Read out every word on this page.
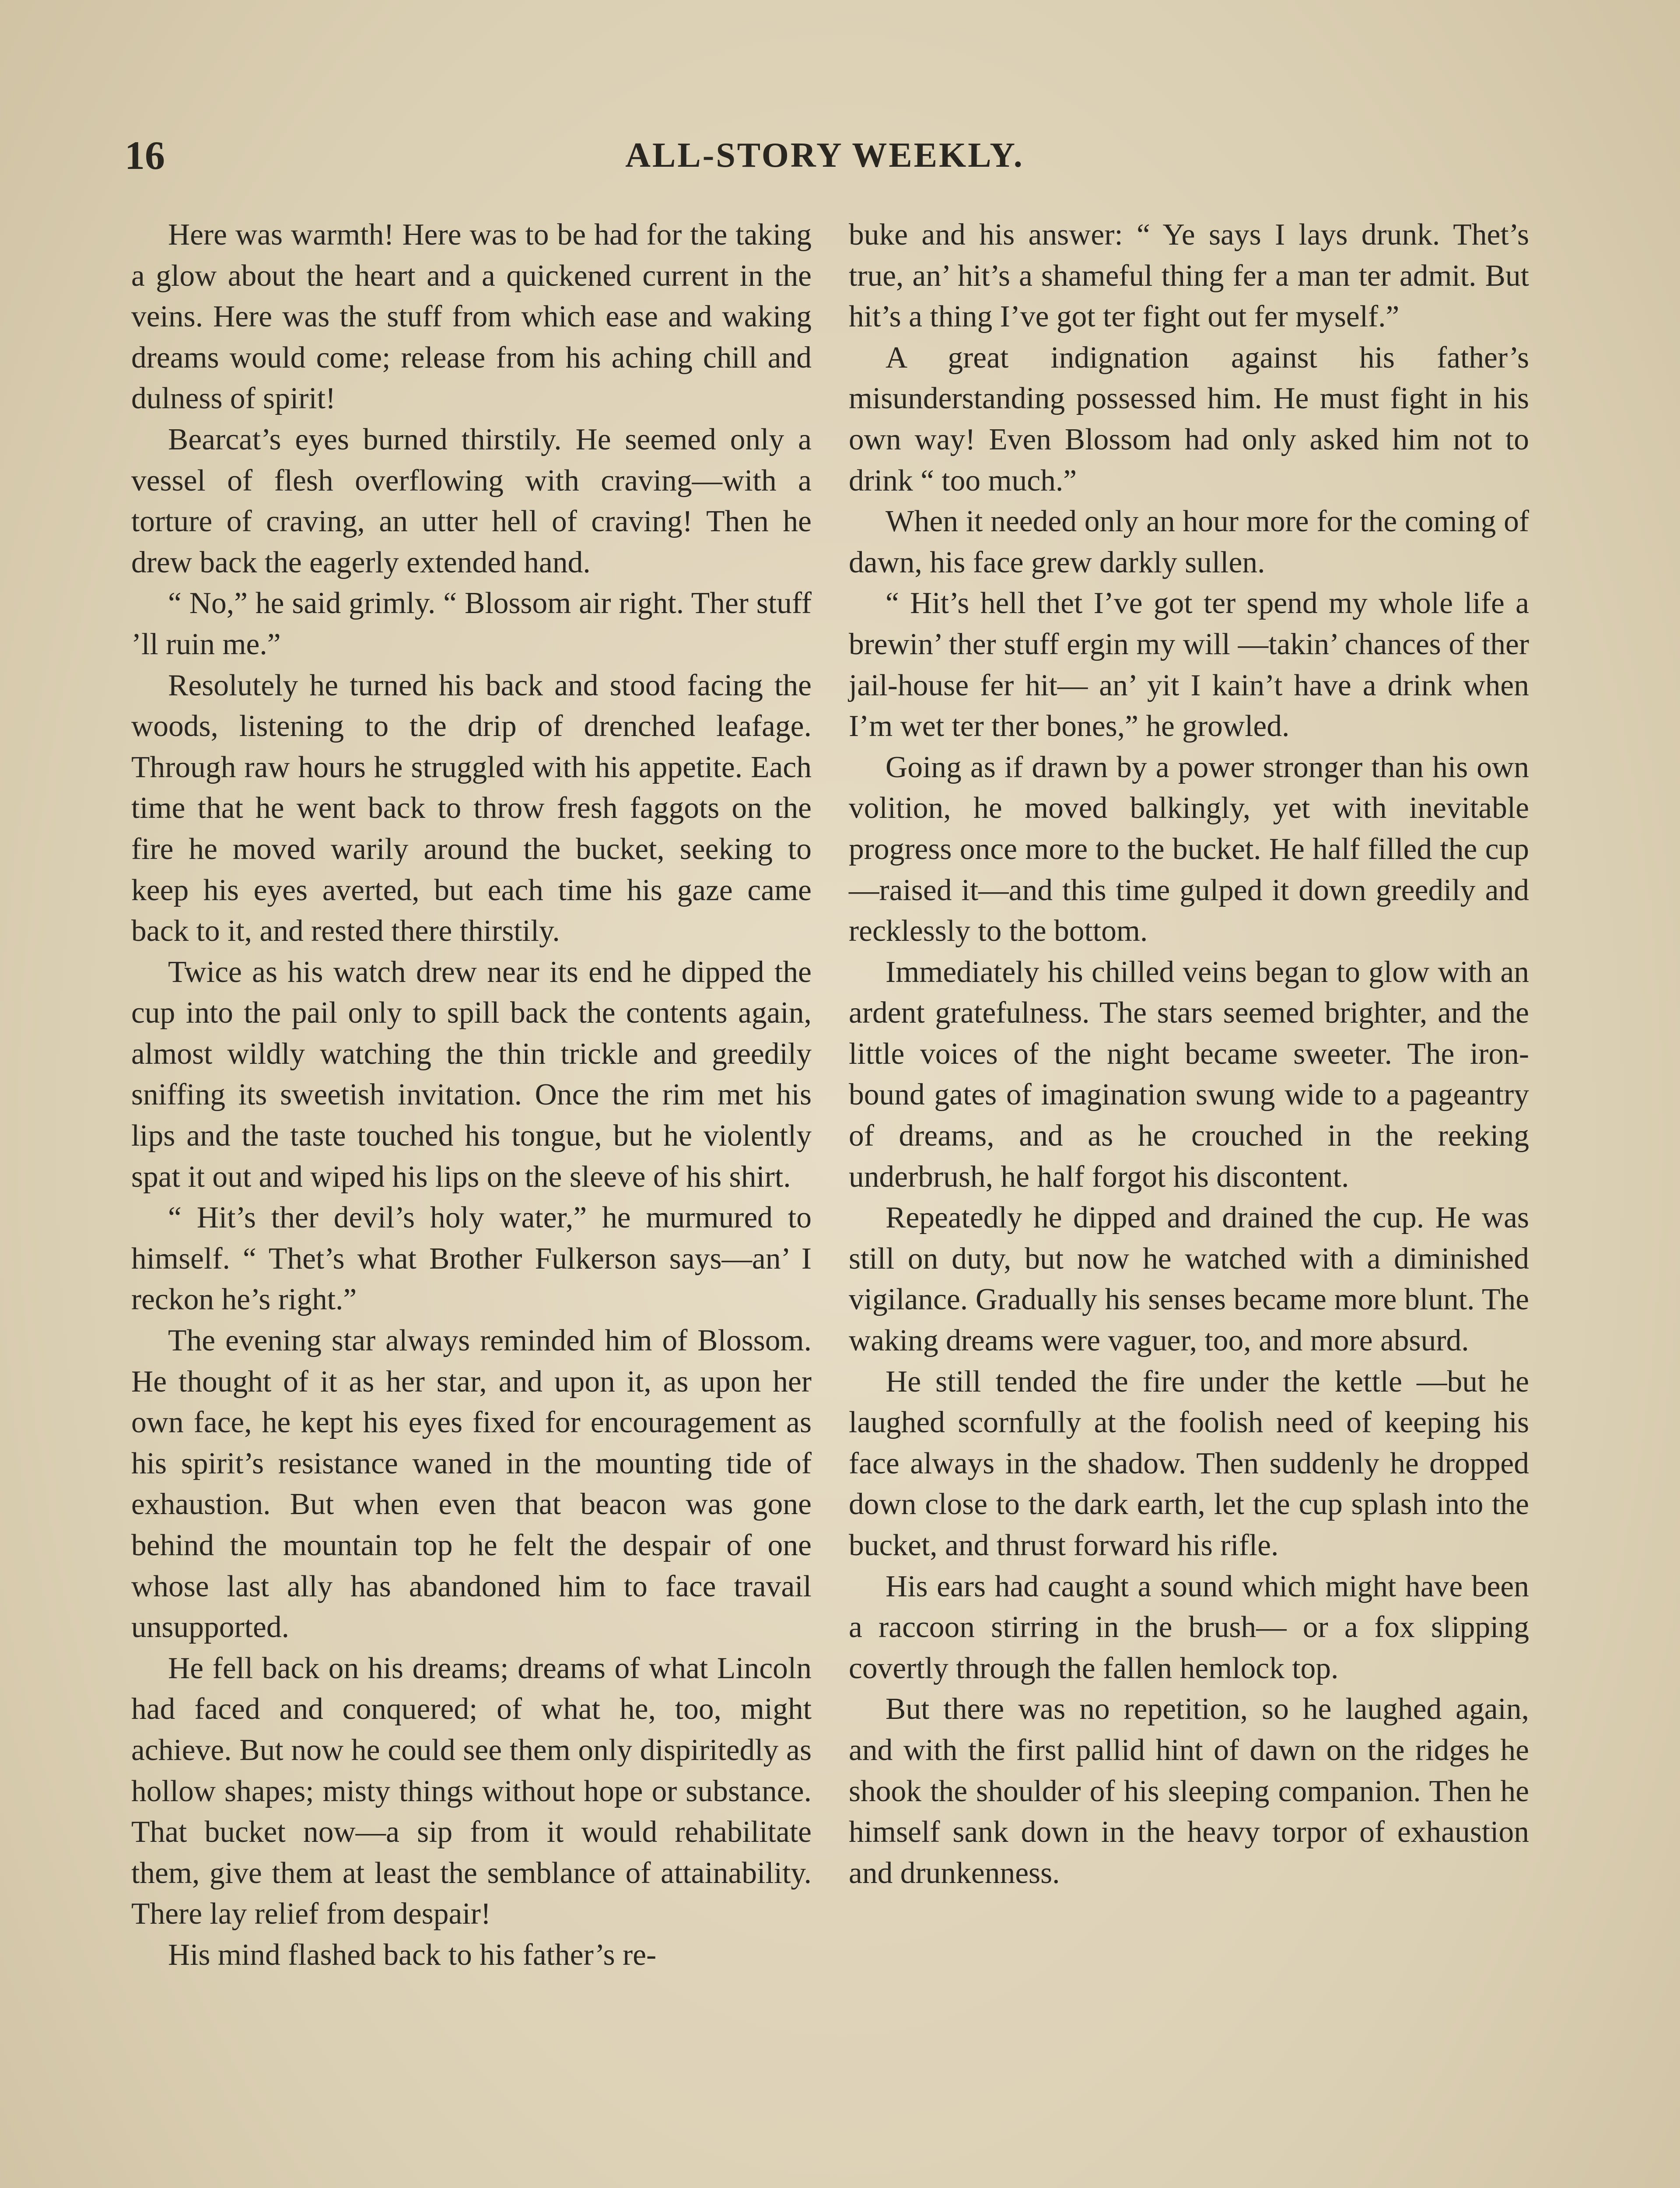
16	ALL-STORY WEEKLY.

Here was warmth! Here was to be had for the taking a glow about the heart and a quickened current in the veins. Here was the stuff from which ease and waking dreams would come; release from his aching chill and dulness of spirit!

Bearcat’s eyes burned thirstily. He seemed only a vessel of flesh overflowing with craving—with a torture of craving, an utter hell of craving! Then he drew back the eagerly extended hand.

“ No,” he said grimly. “ Blossom air right. Ther stuff ’ll ruin me.”

Resolutely he turned his back and stood facing the woods, listening to the drip of drenched leafage. Through raw hours he struggled with his appetite. Each time that he went back to throw fresh faggots on the fire he moved warily around the bucket, seeking to keep his eyes averted, but each time his gaze came back to it, and rested there thirstily.

Twice as his watch drew near its end he dipped the cup into the pail only to spill back the contents again, almost wildly watching the thin trickle and greedily sniffing its sweetish invitation. Once the rim met his lips and the taste touched his tongue, but he violently spat it out and wiped his lips on the sleeve of his shirt.

“ Hit’s ther devil’s holy water,” he murmured to himself. “ Thet’s what Brother Fulkerson says—an’ I reckon he’s right.”

The evening star always reminded him of Blossom. He thought of it as her star, and upon it, as upon her own face, he kept his eyes fixed for encouragement as his spirit’s resistance waned in the mounting tide of exhaustion. But when even that beacon was gone behind the mountain top he felt the despair of one whose last ally has abandoned him to face travail unsupported.

He fell back on his dreams; dreams of what Lincoln had faced and conquered; of what he, too, might achieve. But now he could see them only dispiritedly as hollow shapes; misty things without hope or substance. That bucket now—a sip from it would rehabilitate them, give them at least the semblance of attainability. There lay relief from despair!

His mind flashed back to his father’s re-

buke and his answer: “ Ye says I lays drunk. Thet’s true, an’ hit’s a shameful thing fer a man ter admit. But hit’s a thing I’ve got ter fight out fer myself.”

A great indignation against his father’s misunderstanding possessed him. He must fight in his own way! Even Blossom had only asked him not to drink “ too much.”

When it needed only an hour more for the coming of dawn, his face grew darkly sullen.

“ Hit’s hell thet I’ve got ter spend my whole life a brewin’ ther stuff ergin my will —takin’ chances of ther jail-house fer hit— an’ yit I kain’t have a drink when I’m wet ter ther bones,” he growled.

Going as if drawn by a power stronger than his own volition, he moved balkingly, yet with inevitable progress once more to the bucket. He half filled the cup—raised it—and this time gulped it down greedily and recklessly to the bottom.

Immediately his chilled veins began to glow with an ardent gratefulness. The stars seemed brighter, and the little voices of the night became sweeter. The iron-bound gates of imagination swung wide to a pageantry of dreams, and as he crouched in the reeking underbrush, he half forgot his discontent.

Repeatedly he dipped and drained the cup. He was still on duty, but now he watched with a diminished vigilance. Gradually his senses became more blunt. The waking dreams were vaguer, too, and more absurd.

He still tended the fire under the kettle —but he laughed scornfully at the foolish need of keeping his face always in the shadow. Then suddenly he dropped down close to the dark earth, let the cup splash into the bucket, and thrust forward his rifle.

His ears had caught a sound which might have been a raccoon stirring in the brush— or a fox slipping covertly through the fallen hemlock top.

But there was no repetition, so he laughed again, and with the first pallid hint of dawn on the ridges he shook the shoulder of his sleeping companion. Then he himself sank down in the heavy torpor of exhaustion and drunkenness.
